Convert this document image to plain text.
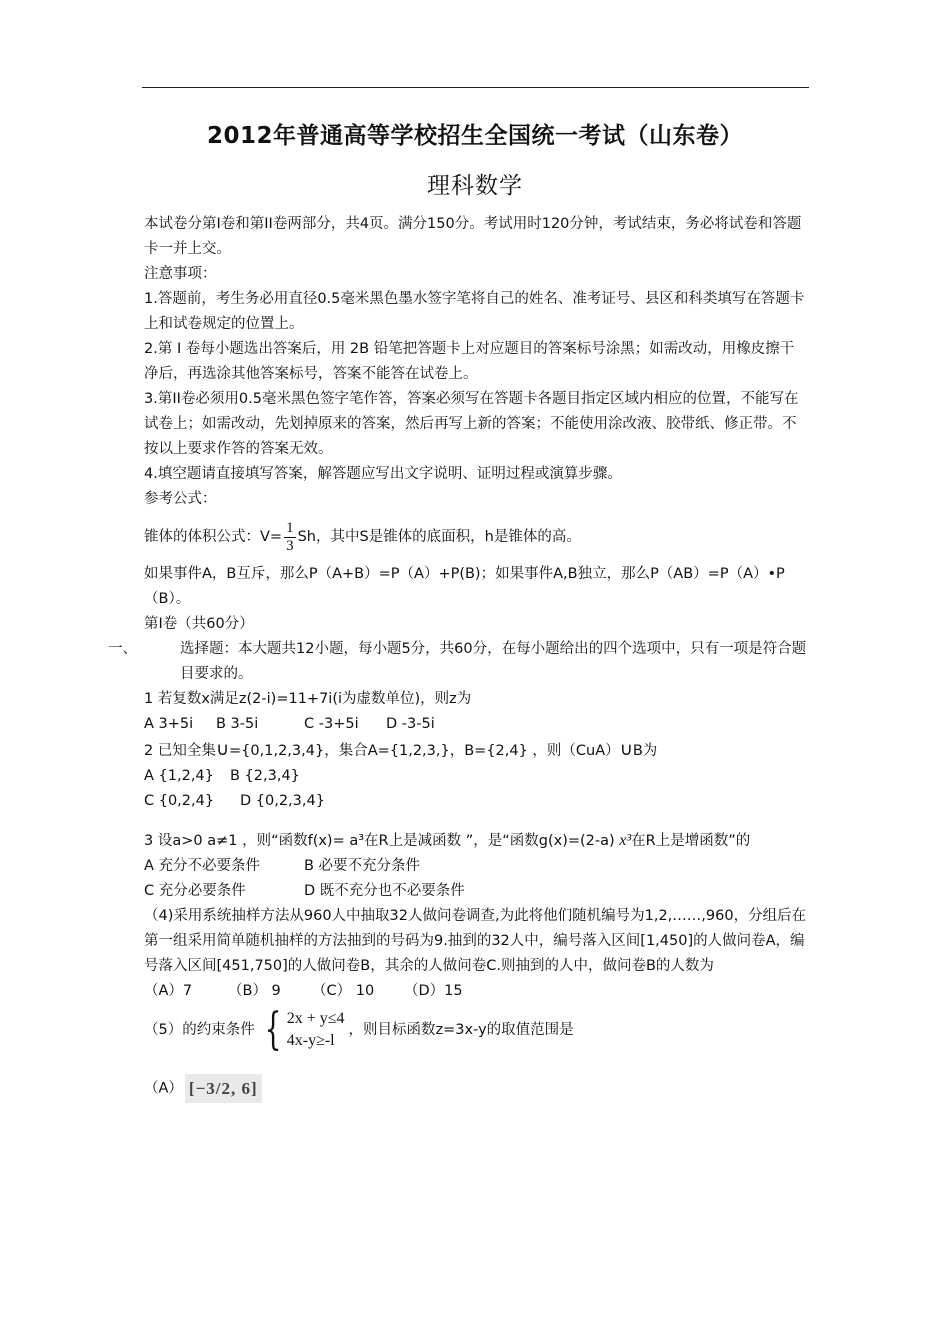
2012年普通高等学校招生全国统一考试（山东卷）
理科数学

本试卷分第I卷和第II卷两部分，共4页。满分150分。考试用时120分钟，考试结束，务必将试卷和答题卡一并上交。

注意事项：

1.答题前，考生务必用直径0.5毫米黑色墨水签字笔将自己的姓名、准考证号、县区和科类填写在答题卡上和试卷规定的位置上。

2.第 I 卷每小题选出答案后，用 2B 铅笔把答题卡上对应题目的答案标号涂黑；如需改动，用橡皮擦干净后，再选涂其他答案标号，答案不能答在试卷上。

3.第II卷必须用0.5毫米黑色签字笔作答，答案必须写在答题卡各题目指定区域内相应的位置，不能写在试卷上；如需改动，先划掉原来的答案，然后再写上新的答案；不能使用涂改液、胶带纸、修正带。不按以上要求作答的答案无效。

4.填空题请直接填写答案，解答题应写出文字说明、证明过程或演算步骤。

参考公式：

锥体的体积公式：$V= \frac{1}{3}$ Sh，其中S是锥体的底面积，h是锥体的高。

如果事件A，B互斥，那么P（A+B）=P（A）+P(B)；如果事件A,B独立，那么P（AB）=P（A）•P（B）。

第I卷（共60分）

一、	选择题：本大题共12小题，每小题5分，共60分，在每小题给出的四个选项中，只有一项是符合题目要求的。

1 若复数x满足z(2-i)=11+7i(i为虚数单位)，则z为

A 3+5i B 3-5i	C -3+5i D -3-5i

2 已知全集∪={0,1,2,3,4}，集合A={1,2,3,}，B={2,4} ，则（CuA）∪B为

A {1,2,4} B {2,3,4}

C {0,2,4} D {0,2,3,4}

3 设a>0 a≠1 ，则“函数f(x)= a³在R上是减函数 ”，是“函数g(x)=(2-a) x³在R上是增函数”的

A 充分不必要条件	B 必要不充分条件

C 充分必要条件	D 既不充分也不必要条件

（4)采用系统抽样方法从960人中抽取32人做问卷调查,为此将他们随机编号为1,2,……,960，分组后在第一组采用简单随机抽样的方法抽到的号码为9.抽到的32人中，编号落入区间[1,450]的人做问卷A，编号落入区间[451,750]的人做问卷B，其余的人做问卷C.则抽到的人中，做问卷B的人数为

（A）7 （B） 9 （C） 10 （D）15

（5）的约束条件 { 2x + y≤4
4x-y≥-l
，则目标函数z=3x-y的取值范围是

（A） [−3/2, 6]
